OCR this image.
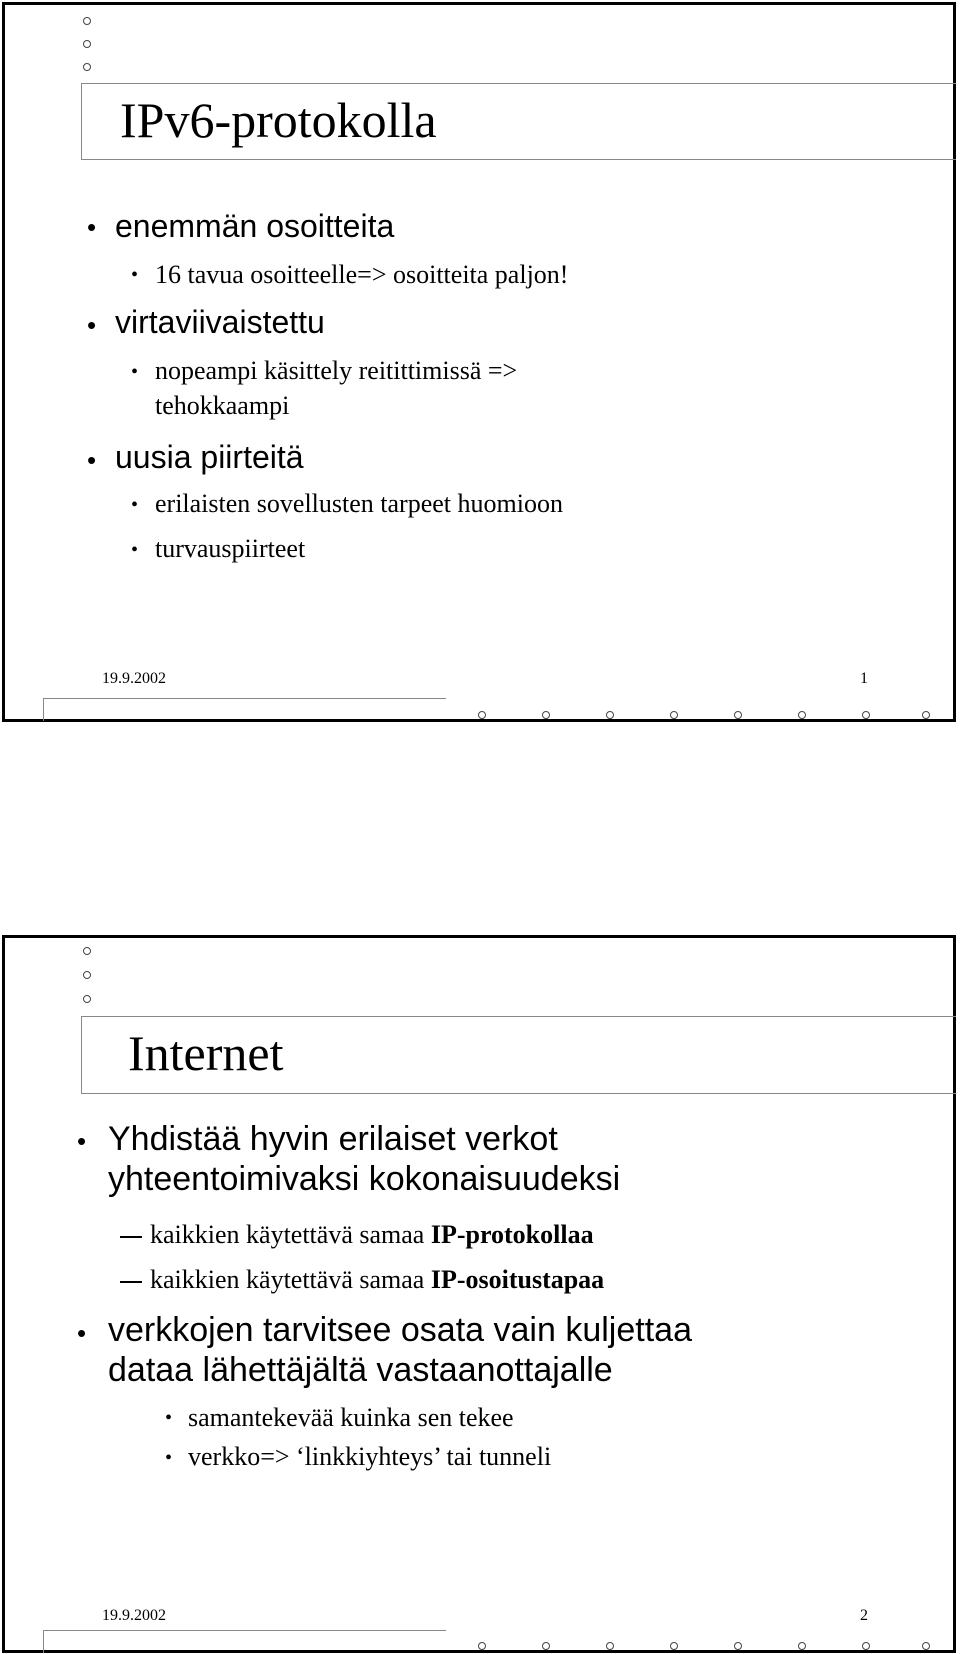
IPv6-protokolla
• enemmän osoitteita
• 16 tavua osoitteelle=> osoitteita paljon!
• virtaviivaistettu
• nopeampi käsittely reitittimissä =>
tehokkaampi
• uusia piirteitä
• erilaisten sovellusten tarpeet huomioon
• turvauspiirteet
19.9.2002	1
Internet
• Yhdistää hyvin erilaiset verkot
yhteentoimivaksi kokonaisuudeksi
kaikkien käytettävä samaa IP-protokollaa
kaikkien käytettävä samaa IP-osoitustapaa
• verkkojen tarvitsee osata vain kuljettaa
dataa lähettäjältä vastaanottajalle
• samantekevää kuinka sen tekee
• verkko=> ‘linkkiyhteys’ tai tunneli
19.9.2002	2
